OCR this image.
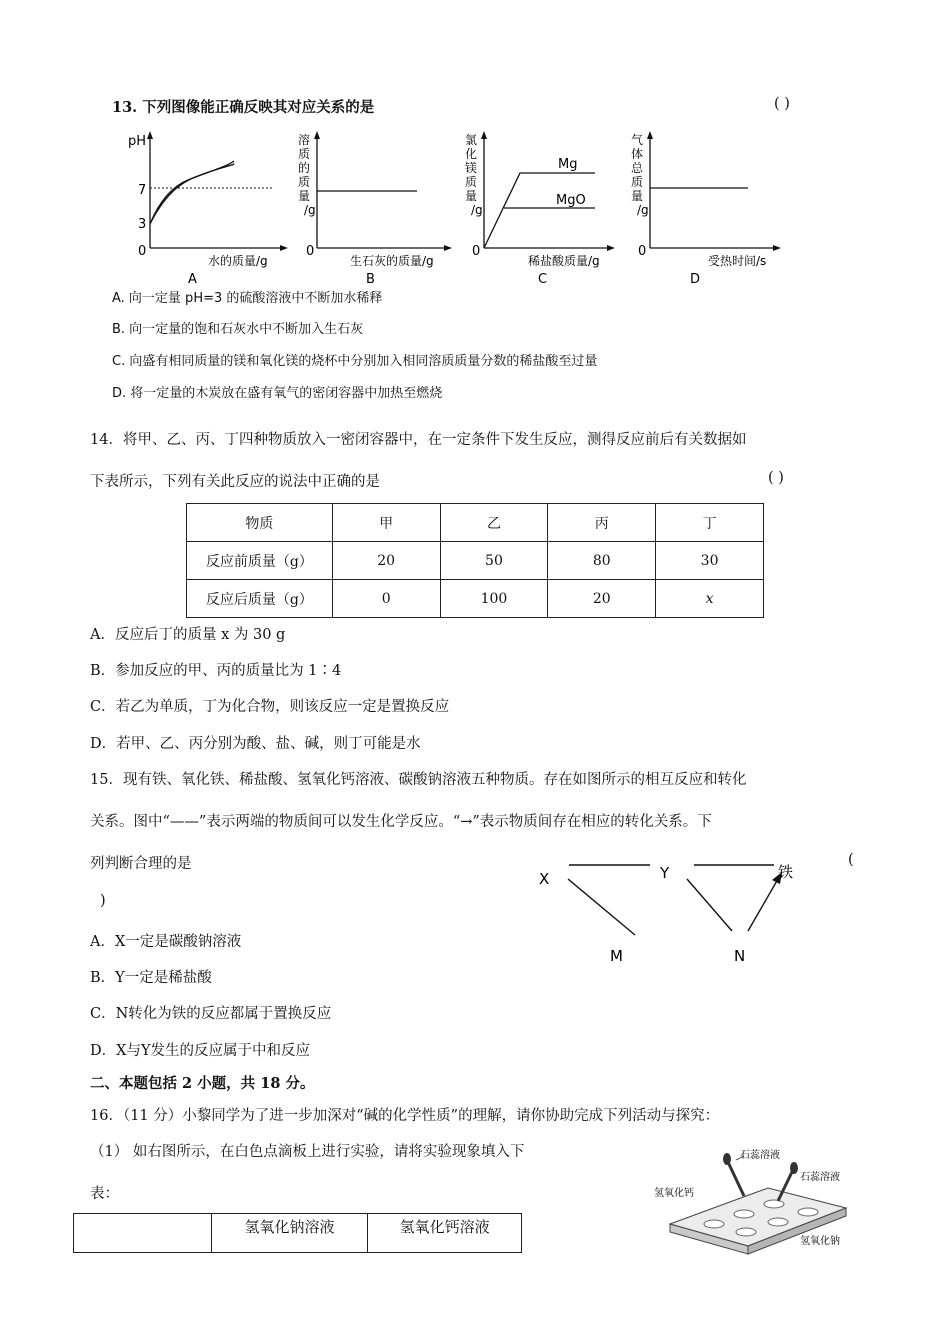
13. 下列图像能正确反映其对应关系的是	( )
pH
7
3
0
水的质量/g
A
溶
质
的
质
量
/g
0
生石灰的质量/g
B
氯
化
镁
质
量
/g
Mg
MgO
0
稀盐酸质量/g
C
气
体
总
质
量
/g
0
受热时间/s
D
A. 向一定量 pH=3 的硫酸溶液中不断加水稀释
B. 向一定量的饱和石灰水中不断加入生石灰
C. 向盛有相同质量的镁和氧化镁的烧杯中分别加入相同溶质质量分数的稀盐酸至过量
D. 将一定量的木炭放在盛有氧气的密闭容器中加热至燃烧
14．将甲、乙、丙、丁四种物质放入一密闭容器中，在一定条件下发生反应，测得反应前后有关数据如
下表所示，下列有关此反应的说法中正确的是	( )
物质	甲	乙	丙	丁
反应前质量（g）	20	50	80	30
反应后质量（g）	0	100	20	x
A．反应后丁的质量 x 为 30 g
B．参加反应的甲、丙的质量比为 1∶4
C．若乙为单质，丁为化合物，则该反应一定是置换反应
D．若甲、乙、丙分别为酸、盐、碱，则丁可能是水
15．现有铁、氧化铁、稀盐酸、氢氧化钙溶液、碳酸钠溶液五种物质。存在如图所示的相互反应和转化
关系。图中“——”表示两端的物质间可以发生化学反应。“→”表示物质间存在相应的转化关系。下
列判断合理的是	(
)
X	Y
M	N
铁
A．X一定是碳酸钠溶液
B．Y一定是稀盐酸
C．N转化为铁的反应都属于置换反应
D．X与Y发生的反应属于中和反应
二、本题包括 2 小题，共 18 分。
16．（11 分）小黎同学为了进一步加深对“碱的化学性质”的理解，请你协助完成下列活动与探究：
（1） 如右图所示，在白色点滴板上进行实验，请将实验现象填入下
表：
	氢氧化钠溶液	氢氧化钙溶液
石蕊溶液
石蕊溶液
氢氧化钙
氢氧化钠
